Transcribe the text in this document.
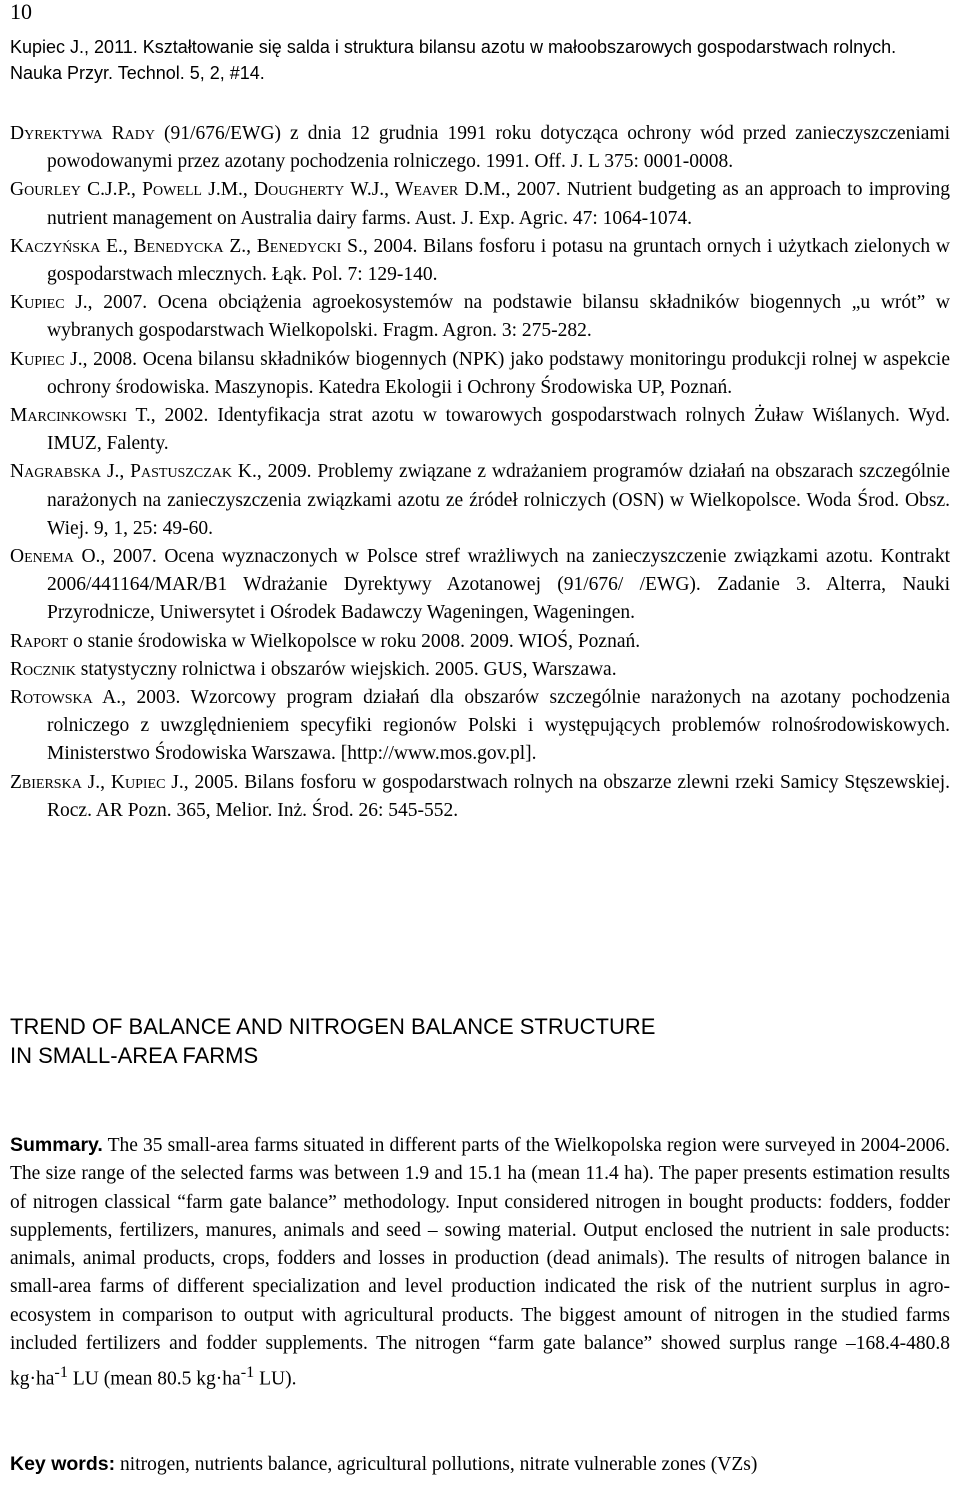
10
Kupiec J., 2011. Kształtowanie się salda i struktura bilansu azotu w małoobszarowych gospodarstwach rolnych. Nauka Przyr. Technol. 5, 2, #14.

Dyrektywa Rady (91/676/EWG) z dnia 12 grudnia 1991 roku dotycząca ochrony wód przed zanieczyszczeniami powodowanymi przez azotany pochodzenia rolniczego. 1991. Off. J. L 375: 0001-0008.

Gourley C.J.P., Powell J.M., Dougherty W.J., Weaver D.M., 2007. Nutrient budgeting as an approach to improving nutrient management on Australia dairy farms. Aust. J. Exp. Agric. 47: 1064-1074.

Kaczyńska E., Benedycka Z., Benedycki S., 2004. Bilans fosforu i potasu na gruntach ornych i użytkach zielonych w gospodarstwach mlecznych. Łąk. Pol. 7: 129-140.

Kupiec J., 2007. Ocena obciążenia agroekosystemów na podstawie bilansu składników biogennych „u wrót” w wybranych gospodarstwach Wielkopolski. Fragm. Agron. 3: 275-282.

Kupiec J., 2008. Ocena bilansu składników biogennych (NPK) jako podstawy monitoringu produkcji rolnej w aspekcie ochrony środowiska. Maszynopis. Katedra Ekologii i Ochrony Środowiska UP, Poznań.

Marcinkowski T., 2002. Identyfikacja strat azotu w towarowych gospodarstwach rolnych Żuław Wiślanych. Wyd. IMUZ, Falenty.

Nagrabska J., Pastuszczak K., 2009. Problemy związane z wdrażaniem programów działań na obszarach szczególnie narażonych na zanieczyszczenia związkami azotu ze źródeł rolniczych (OSN) w Wielkopolsce. Woda Środ. Obsz. Wiej. 9, 1, 25: 49-60.

Oenema O., 2007. Ocena wyznaczonych w Polsce stref wrażliwych na zanieczyszczenie związkami azotu. Kontrakt 2006/441164/MAR/B1 Wdrażanie Dyrektywy Azotanowej (91/676/ /EWG). Zadanie 3. Alterra, Nauki Przyrodnicze, Uniwersytet i Ośrodek Badawczy Wageningen, Wageningen.

Raport o stanie środowiska w Wielkopolsce w roku 2008. 2009. WIOŚ, Poznań.

Rocznik statystyczny rolnictwa i obszarów wiejskich. 2005. GUS, Warszawa.

Rotowska A., 2003. Wzorcowy program działań dla obszarów szczególnie narażonych na azotany pochodzenia rolniczego z uwzględnieniem specyfiki regionów Polski i występujących problemów rolnośrodowiskowych. Ministerstwo Środowiska Warszawa. [http://www.mos.gov.pl].

Zbierska J., Kupiec J., 2005. Bilans fosforu w gospodarstwach rolnych na obszarze zlewni rzeki Samicy Stęszewskiej. Rocz. AR Pozn. 365, Melior. Inż. Środ. 26: 545-552.

TREND OF BALANCE AND NITROGEN BALANCE STRUCTURE
IN SMALL-AREA FARMS

Summary. The 35 small-area farms situated in different parts of the Wielkopolska region were surveyed in 2004-2006. The size range of the selected farms was between 1.9 and 15.1 ha (mean 11.4 ha). The paper presents estimation results of nitrogen classical “farm gate balance” methodology. Input considered nitrogen in bought products: fodders, fodder supplements, fertilizers, manures, animals and seed – sowing material. Output enclosed the nutrient in sale products: animals, animal products, crops, fodders and losses in production (dead animals). The results of nitrogen balance in small-area farms of different specialization and level production indicated the risk of the nutrient surplus in agro-ecosystem in comparison to output with agricultural products. The biggest amount of nitrogen in the studied farms included fertilizers and fodder supplements. The nitrogen “farm gate balance” showed surplus range –168.4-480.8 $kg\cdot ha^{-1}$ LU (mean 80.5 $kg\cdot ha^{-1}$ LU).

Key words: nitrogen, nutrients balance, agricultural pollutions, nitrate vulnerable zones (VZs)
